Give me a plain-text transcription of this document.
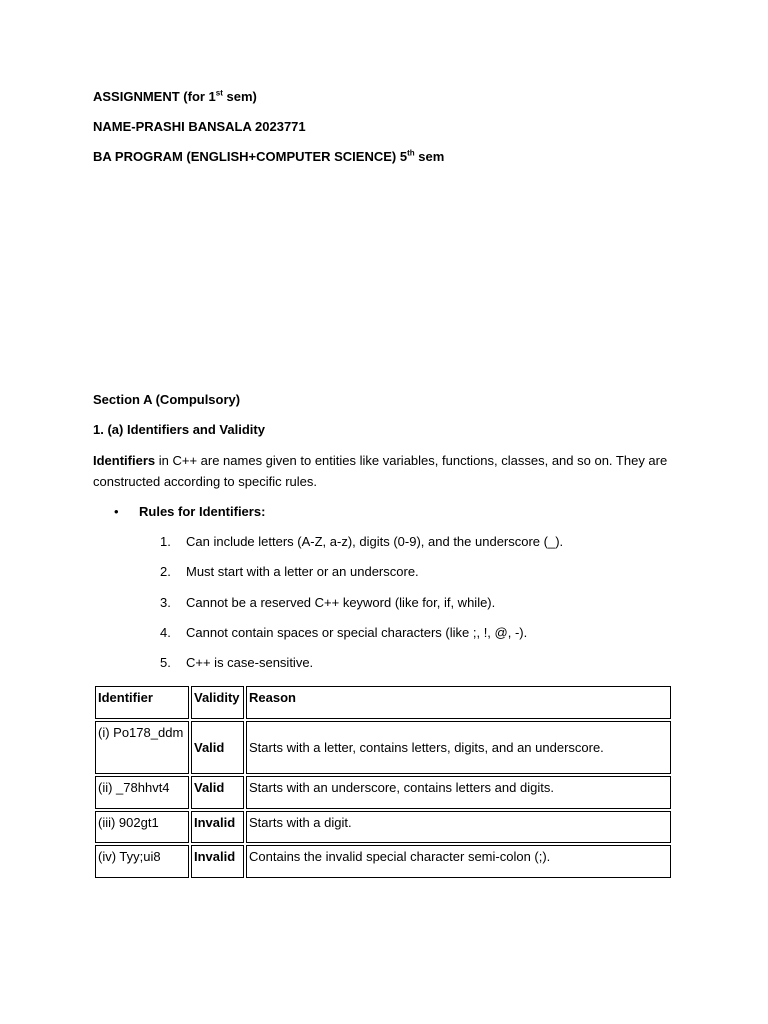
ASSIGNMENT (for 1st sem)
NAME-PRASHI BANSALA 2023771
BA PROGRAM (ENGLISH+COMPUTER SCIENCE) 5th sem
Section A (Compulsory)
1. (a) Identifiers and Validity
Identifiers in C++ are names given to entities like variables, functions, classes, and so on. They are constructed according to specific rules.
• Rules for Identifiers:
1. Can include letters (A-Z, a-z), digits (0-9), and the underscore (_).
2. Must start with a letter or an underscore.
3. Cannot be a reserved C++ keyword (like for, if, while).
4. Cannot contain spaces or special characters (like ;, !, @, -).
5. C++ is case-sensitive.
Identifier	Validity	Reason
(i) Po178_ddm	Valid	Starts with a letter, contains letters, digits, and an underscore.
(ii) _78hhvt4	Valid	Starts with an underscore, contains letters and digits.
(iii) 902gt1	Invalid	Starts with a digit.
(iv) Tyy;ui8	Invalid	Contains the invalid special character semi-colon (;).
